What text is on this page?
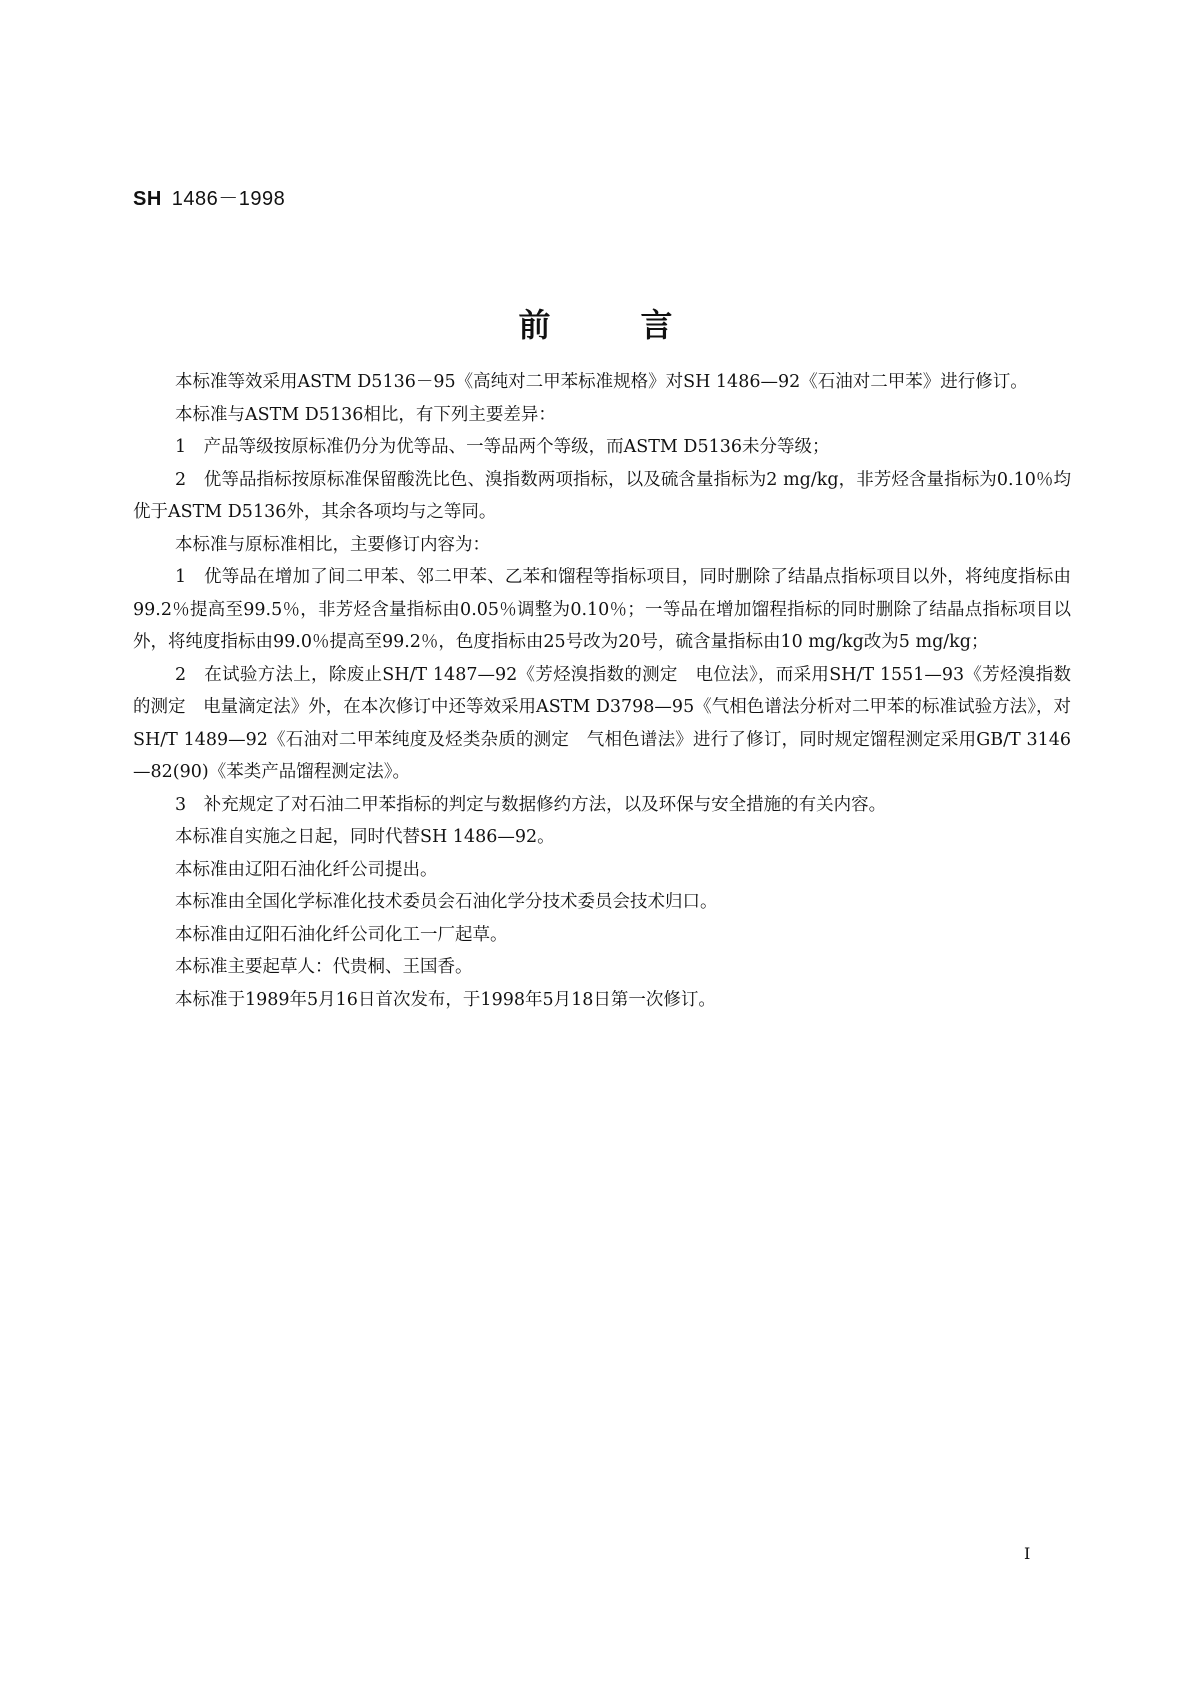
SH 1486－1998
前言

本标准等效采用ASTM D5136－95《高纯对二甲苯标准规格》对SH 1486—92《石油对二甲苯》进行修订。

本标准与ASTM D5136相比，有下列主要差异：

1　产品等级按原标准仍分为优等品、一等品两个等级，而ASTM D5136未分等级；

2　优等品指标按原标准保留酸洗比色、溴指数两项指标，以及硫含量指标为2 mg/kg，非芳烃含量指标为0.10％均优于ASTM D5136外，其余各项均与之等同。

本标准与原标准相比，主要修订内容为：

1　优等品在增加了间二甲苯、邻二甲苯、乙苯和馏程等指标项目，同时删除了结晶点指标项目以外，将纯度指标由99.2％提高至99.5％，非芳烃含量指标由0.05％调整为0.10％；一等品在增加馏程指标的同时删除了结晶点指标项目以外，将纯度指标由99.0％提高至99.2％，色度指标由25号改为20号，硫含量指标由10 mg/kg改为5 mg/kg；

2　在试验方法上，除废止SH/T 1487—92《芳烃溴指数的测定　电位法》，而采用SH/T 1551—93《芳烃溴指数的测定　电量滴定法》外，在本次修订中还等效采用ASTM D3798—95《气相色谱法分析对二甲苯的标准试验方法》，对SH/T 1489—92《石油对二甲苯纯度及烃类杂质的测定　气相色谱法》进行了修订，同时规定馏程测定采用GB/T 3146—82(90)《苯类产品馏程测定法》。

3　补充规定了对石油二甲苯指标的判定与数据修约方法，以及环保与安全措施的有关内容。

本标准自实施之日起，同时代替SH 1486—92。

本标准由辽阳石油化纤公司提出。

本标准由全国化学标准化技术委员会石油化学分技术委员会技术归口。

本标准由辽阳石油化纤公司化工一厂起草。

本标准主要起草人：代贵桐、王国香。

本标准于1989年5月16日首次发布，于1998年5月18日第一次修订。

I
